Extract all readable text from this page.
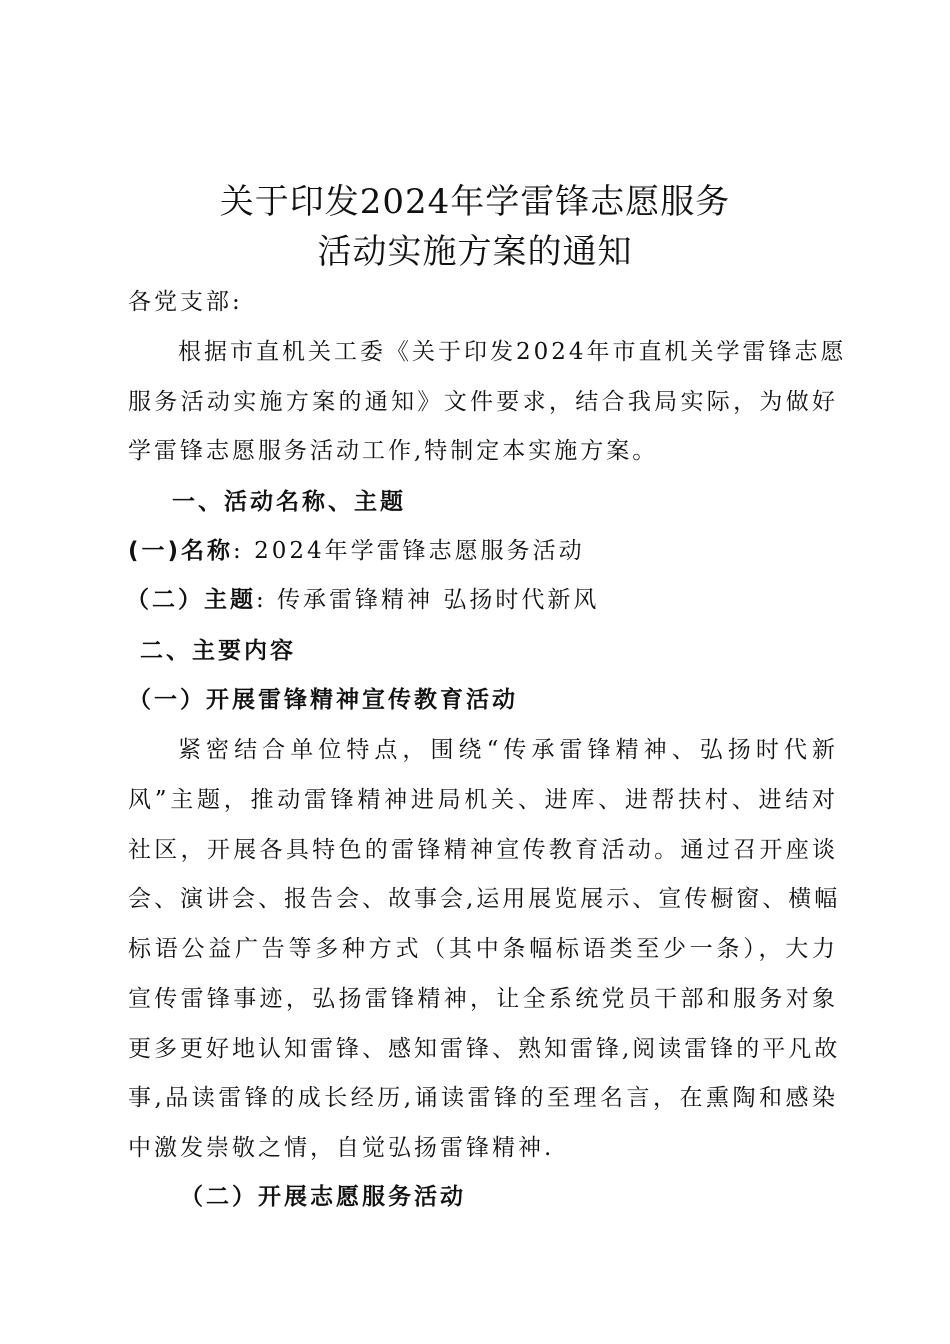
关于印发2024年学雷锋志愿服务
活动实施方案的通知
各党支部:
根据市直机关工委《关于印发2024年市直机关学雷锋志愿
服务活动实施方案的通知》文件要求，结合我局实际，为做好
学雷锋志愿服务活动工作,特制定本实施方案。
一、活动名称、主题
(一)名称: 2024年学雷锋志愿服务活动
（二）主题: 传承雷锋精神 弘扬时代新风
二、主要内容
（一）开展雷锋精神宣传教育活动
紧密结合单位特点，围绕“传承雷锋精神、弘扬时代新
风”主题，推动雷锋精神进局机关、进库、进帮扶村、进结对
社区，开展各具特色的雷锋精神宣传教育活动。通过召开座谈
会、演讲会、报告会、故事会,运用展览展示、宣传橱窗、横幅
标语公益广告等多种方式（其中条幅标语类至少一条），大力
宣传雷锋事迹，弘扬雷锋精神，让全系统党员干部和服务对象
更多更好地认知雷锋、感知雷锋、熟知雷锋,阅读雷锋的平凡故
事,品读雷锋的成长经历,诵读雷锋的至理名言，在熏陶和感染
中激发崇敬之情，自觉弘扬雷锋精神.
（二）开展志愿服务活动
